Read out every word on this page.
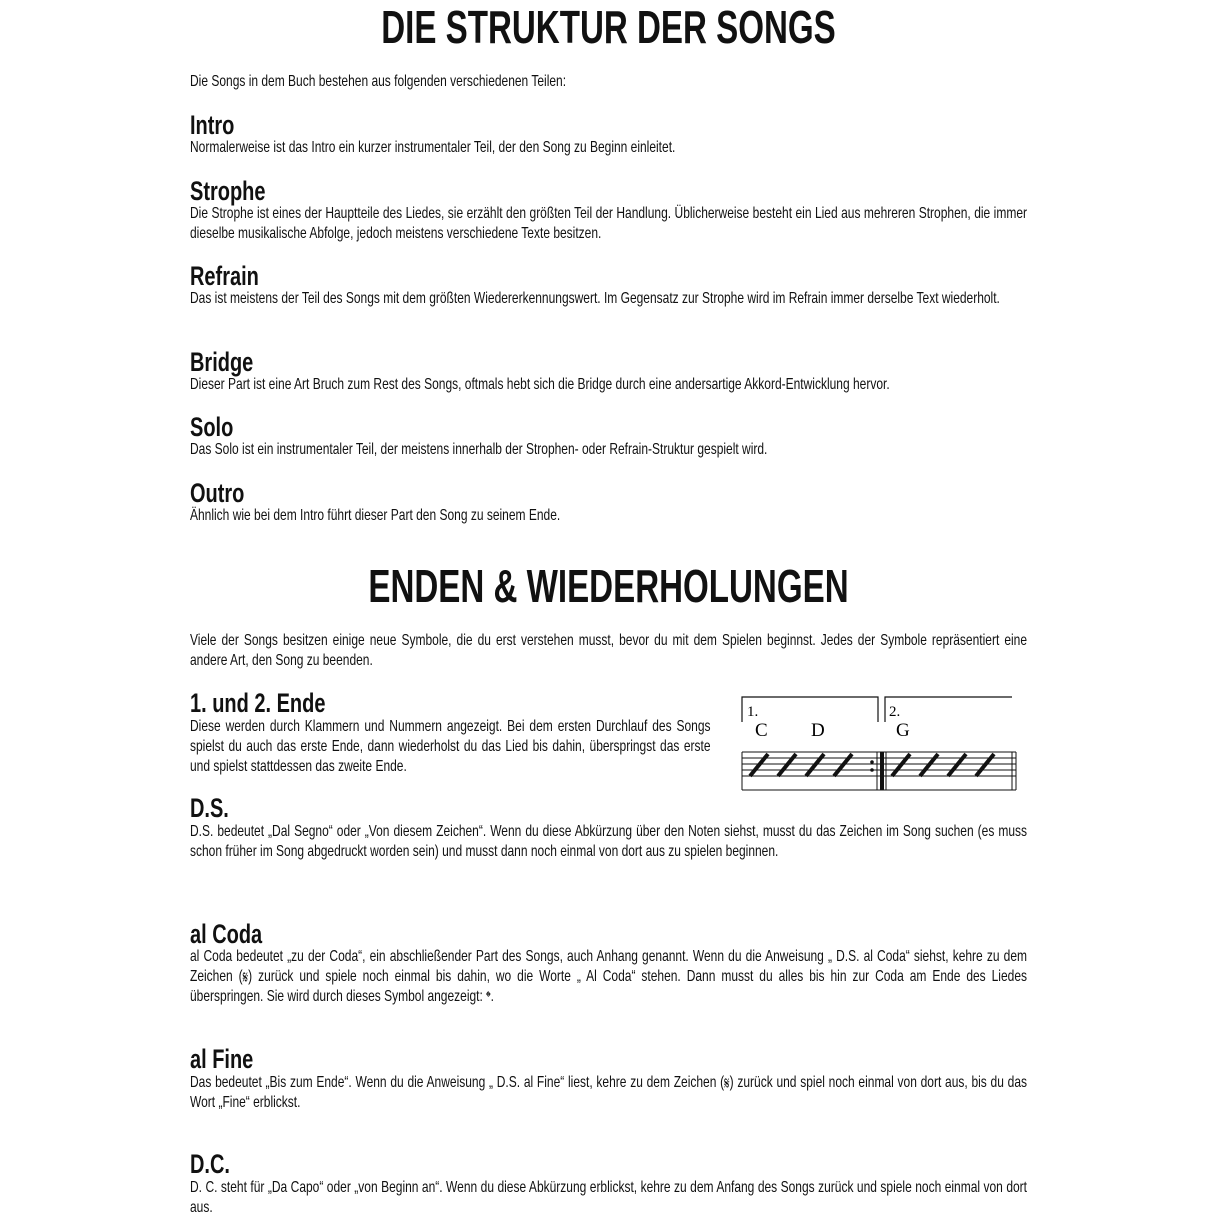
DIE STRUKTUR DER SONGS

Die Songs in dem Buch bestehen aus folgenden verschiedenen Teilen:

Intro

Normalerweise ist das Intro ein kurzer instrumentaler Teil, der den Song zu Beginn einleitet.

Strophe

Die Strophe ist eines der Hauptteile des Liedes, sie erzählt den größten Teil der Handlung. Üblicherweise besteht ein Lied aus mehreren Strophen, die immer dieselbe musikalische Abfolge, jedoch meistens verschiedene Texte besitzen.

Refrain

Das ist meistens der Teil des Songs mit dem größten Wiedererkennungswert. Im Gegensatz zur Strophe wird im Refrain immer derselbe Text wiederholt.

Bridge

Dieser Part ist eine Art Bruch zum Rest des Songs, oftmals hebt sich die Bridge durch eine andersartige Akkord-Entwicklung hervor.

Solo

Das Solo ist ein instrumentaler Teil, der meistens innerhalb der Strophen- oder Refrain-Struktur gespielt wird.

Outro

Ähnlich wie bei dem Intro führt dieser Part den Song zu seinem Ende.

ENDEN & WIEDERHOLUNGEN

Viele der Songs besitzen einige neue Symbole, die du erst verstehen musst, bevor du mit dem Spielen beginnst. Jedes der Symbole repräsentiert eine andere Art, den Song zu beenden.

1. und 2. Ende

Diese werden durch Klammern und Nummern angezeigt. Bei dem ersten Durchlauf des Songs spielst du auch das erste Ende, dann wiederholst du das Lied bis dahin, überspringst das erste und spielst stattdessen das zweite Ende.

1.	2.
C D	G
D.S.

D.S. bedeutet „Dal Segno“ oder „Von diesem Zeichen“. Wenn du diese Abkürzung über den Noten siehst, musst du das Zeichen im Song suchen (es muss schon früher im Song abgedruckt worden sein) und musst dann noch einmal von dort aus zu spielen beginnen.

al Coda

al Coda bedeutet „zu der Coda“, ein abschließender Part des Songs, auch Anhang genannt. Wenn du die Anweisung „ D.S. al Coda“ siehst, kehre zu dem Zeichen (𝄋) zurück und spiele noch einmal bis dahin, wo die Worte „ Al Coda“ stehen. Dann musst du alles bis hin zur Coda am Ende des Liedes überspringen. Sie wird durch dieses Symbol angezeigt: 𝄌.

al Fine

Das bedeutet „Bis zum Ende“. Wenn du die Anweisung „ D.S. al Fine“ liest, kehre zu dem Zeichen (𝄋) zurück und spiel noch einmal von dort aus, bis du das Wort „Fine“ erblickst.

D.C.

D. C. steht für „Da Capo“ oder „von Beginn an“. Wenn du diese Abkürzung erblickst, kehre zu dem Anfang des Songs zurück und spiele noch einmal von dort aus.
